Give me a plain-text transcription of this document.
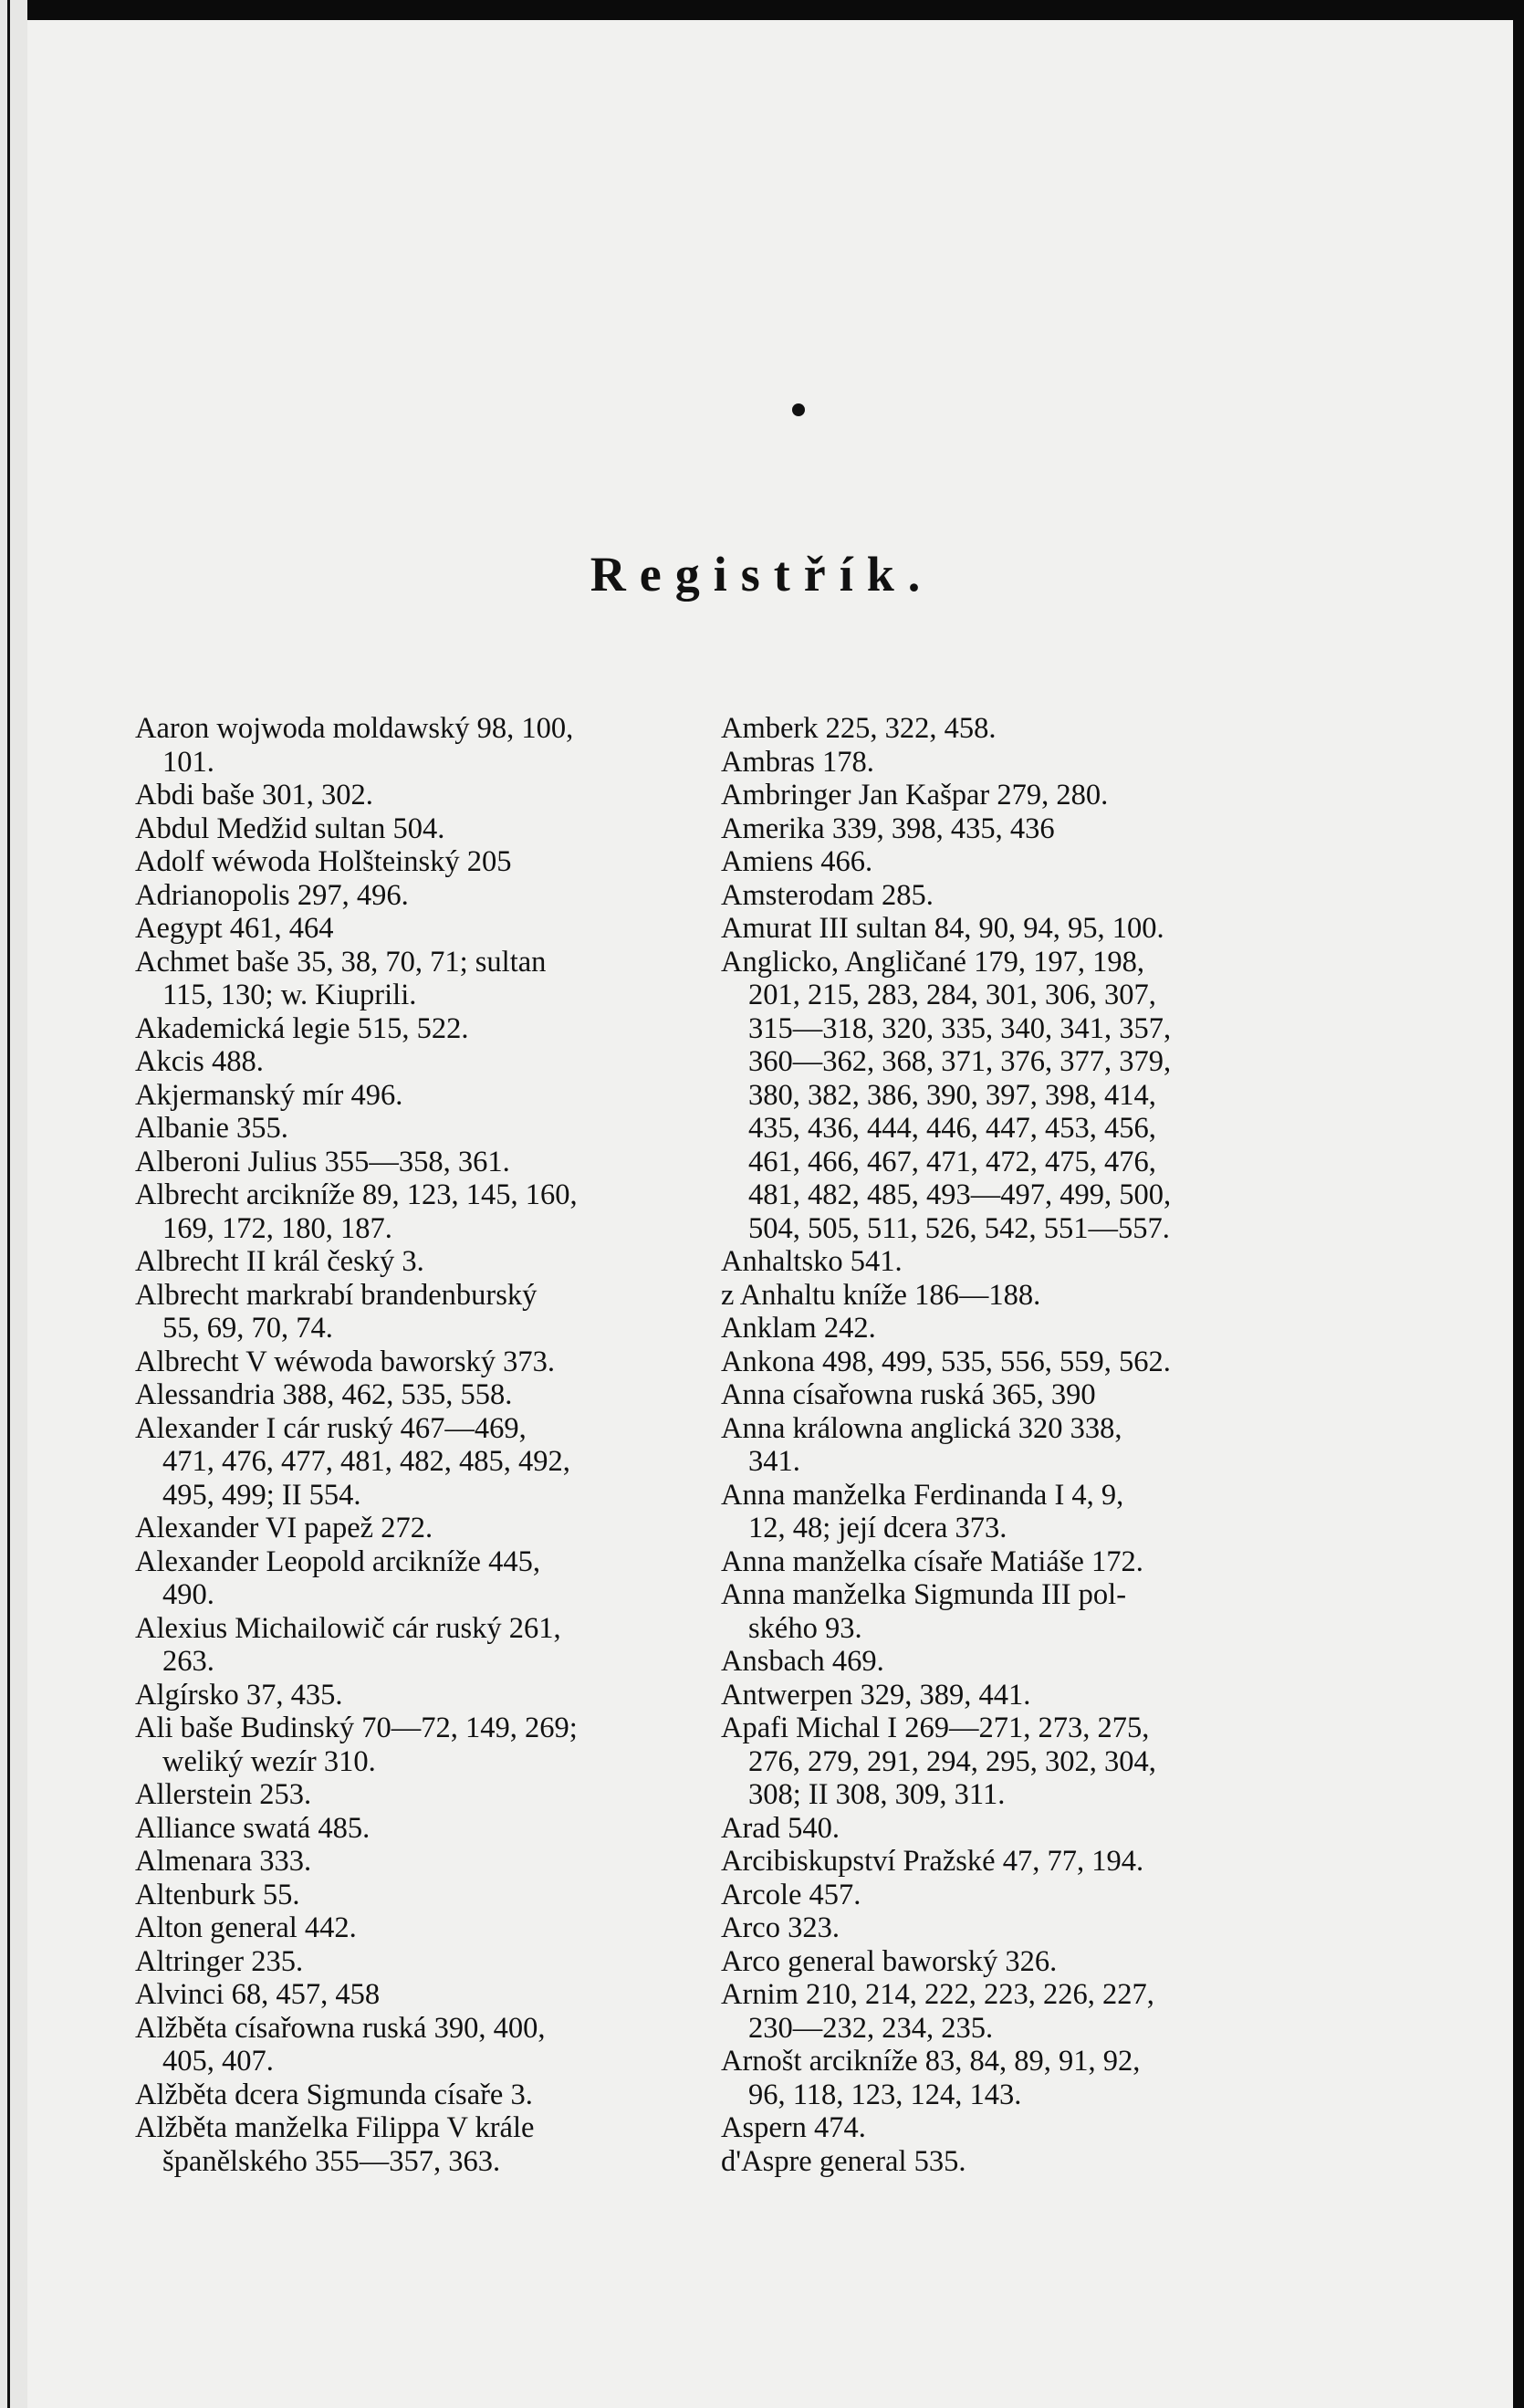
Registřík.
Aaron wojwoda moldawský 98, 100,
101.
Abdi baše 301, 302.
Abdul Medžid sultan 504.
Adolf wéwoda Holšteinský 205
Adrianopolis 297, 496.
Aegypt 461, 464
Achmet baše 35, 38, 70, 71; sultan
115, 130; w. Kiuprili.
Akademická legie 515, 522.
Akcis 488.
Akjermanský mír 496.
Albanie 355.
Alberoni Julius 355—358, 361.
Albrecht arcikníže 89, 123, 145, 160,
169, 172, 180, 187.
Albrecht II král český 3.
Albrecht markrabí brandenburský
55, 69, 70, 74.
Albrecht V wéwoda baworský 373.
Alessandria 388, 462, 535, 558.
Alexander I cár ruský 467—469,
471, 476, 477, 481, 482, 485, 492,
495, 499; II 554.
Alexander VI papež 272.
Alexander Leopold arcikníže 445,
490.
Alexius Michailowič cár ruský 261,
263.
Algírsko 37, 435.
Ali baše Budinský 70—72, 149, 269;
weliký wezír 310.
Allerstein 253.
Alliance swatá 485.
Almenara 333.
Altenburk 55.
Alton general 442.
Altringer 235.
Alvinci 68, 457, 458
Alžběta císařowna ruská 390, 400,
405, 407.
Alžběta dcera Sigmunda císaře 3.
Alžběta manželka Filippa V krále
španělského 355—357, 363.
Amberk 225, 322, 458.
Ambras 178.
Ambringer Jan Kašpar 279, 280.
Amerika 339, 398, 435, 436
Amiens 466.
Amsterodam 285.
Amurat III sultan 84, 90, 94, 95, 100.
Anglicko, Angličané 179, 197, 198,
201, 215, 283, 284, 301, 306, 307,
315—318, 320, 335, 340, 341, 357,
360—362, 368, 371, 376, 377, 379,
380, 382, 386, 390, 397, 398, 414,
435, 436, 444, 446, 447, 453, 456,
461, 466, 467, 471, 472, 475, 476,
481, 482, 485, 493—497, 499, 500,
504, 505, 511, 526, 542, 551—557.
Anhaltsko 541.
z Anhaltu kníže 186—188.
Anklam 242.
Ankona 498, 499, 535, 556, 559, 562.
Anna císařowna ruská 365, 390
Anna králowna anglická 320 338,
341.
Anna manželka Ferdinanda I 4, 9,
12, 48; její dcera 373.
Anna manželka císaře Matiáše 172.
Anna manželka Sigmunda III pol-
ského 93.
Ansbach 469.
Antwerpen 329, 389, 441.
Apafi Michal I 269—271, 273, 275,
276, 279, 291, 294, 295, 302, 304,
308; II 308, 309, 311.
Arad 540.
Arcibiskupství Pražské 47, 77, 194.
Arcole 457.
Arco 323.
Arco general baworský 326.
Arnim 210, 214, 222, 223, 226, 227,
230—232, 234, 235.
Arnošt arcikníže 83, 84, 89, 91, 92,
96, 118, 123, 124, 143.
Aspern 474.
d'Aspre general 535.
